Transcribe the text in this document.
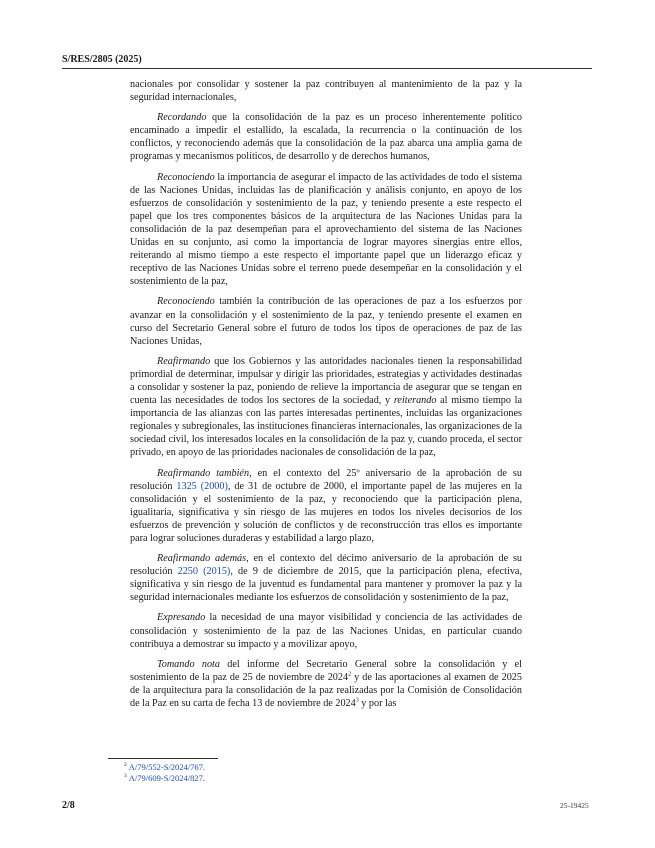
S/RES/2805 (2025)

nacionales por consolidar y sostener la paz contribuyen al mantenimiento de la paz y la seguridad internacionales,

Recordando que la consolidación de la paz es un proceso inherentemente político encaminado a impedir el estallido, la escalada, la recurrencia o la continuación de los conflictos, y reconociendo además que la consolidación de la paz abarca una amplia gama de programas y mecanismos políticos, de desarrollo y de derechos humanos,

Reconociendo la importancia de asegurar el impacto de las actividades de todo el sistema de las Naciones Unidas, incluidas las de planificación y análisis conjunto, en apoyo de los esfuerzos de consolidación y sostenimiento de la paz, y teniendo presente a este respecto el papel que los tres componentes básicos de la arquitectura de las Naciones Unidas para la consolidación de la paz desempeñan para el aprovechamiento del sistema de las Naciones Unidas en su conjunto, así como la importancia de lograr mayores sinergias entre ellos, reiterando al mismo tiempo a este respecto el importante papel que un liderazgo eficaz y receptivo de las Naciones Unidas sobre el terreno puede desempeñar en la consolidación y el sostenimiento de la paz,

Reconociendo también la contribución de las operaciones de paz a los esfuerzos por avanzar en la consolidación y el sostenimiento de la paz, y teniendo presente el examen en curso del Secretario General sobre el futuro de todos los tipos de operaciones de paz de las Naciones Unidas,

Reafirmando que los Gobiernos y las autoridades nacionales tienen la responsabilidad primordial de determinar, impulsar y dirigir las prioridades, estrategias y actividades destinadas a consolidar y sostener la paz, poniendo de relieve la importancia de asegurar que se tengan en cuenta las necesidades de todos los sectores de la sociedad, y reiterando al mismo tiempo la importancia de las alianzas con las partes interesadas pertinentes, incluidas las organizaciones regionales y subregionales, las instituciones financieras internacionales, las organizaciones de la sociedad civil, los interesados locales en la consolidación de la paz y, cuando proceda, el sector privado, en apoyo de las prioridades nacionales de consolidación de la paz,

Reafirmando también, en el contexto del 25º aniversario de la aprobación de su resolución 1325 (2000), de 31 de octubre de 2000, el importante papel de las mujeres en la consolidación y el sostenimiento de la paz, y reconociendo que la participación plena, igualitaria, significativa y sin riesgo de las mujeres en todos los niveles decisorios de los esfuerzos de prevención y solución de conflictos y de reconstrucción tras ellos es importante para lograr soluciones duraderas y estabilidad a largo plazo,

Reafirmando además, en el contexto del décimo aniversario de la aprobación de su resolución 2250 (2015), de 9 de diciembre de 2015, que la participación plena, efectiva, significativa y sin riesgo de la juventud es fundamental para mantener y promover la paz y la seguridad internacionales mediante los esfuerzos de consolidación y sostenimiento de la paz,

Expresando la necesidad de una mayor visibilidad y conciencia de las actividades de consolidación y sostenimiento de la paz de las Naciones Unidas, en particular cuando contribuya a demostrar su impacto y a movilizar apoyo,

Tomando nota del informe del Secretario General sobre la consolidación y el sostenimiento de la paz de 25 de noviembre de 2024$^2$ y de las aportaciones al examen de 2025 de la arquitectura para la consolidación de la paz realizadas por la Comisión de Consolidación de la Paz en su carta de fecha 13 de noviembre de 2024$^3$ y por las

$^2$ A/79/552-S/2024/767.
$^3$ A/79/609-S/2024/827.
2/8	25-19425
